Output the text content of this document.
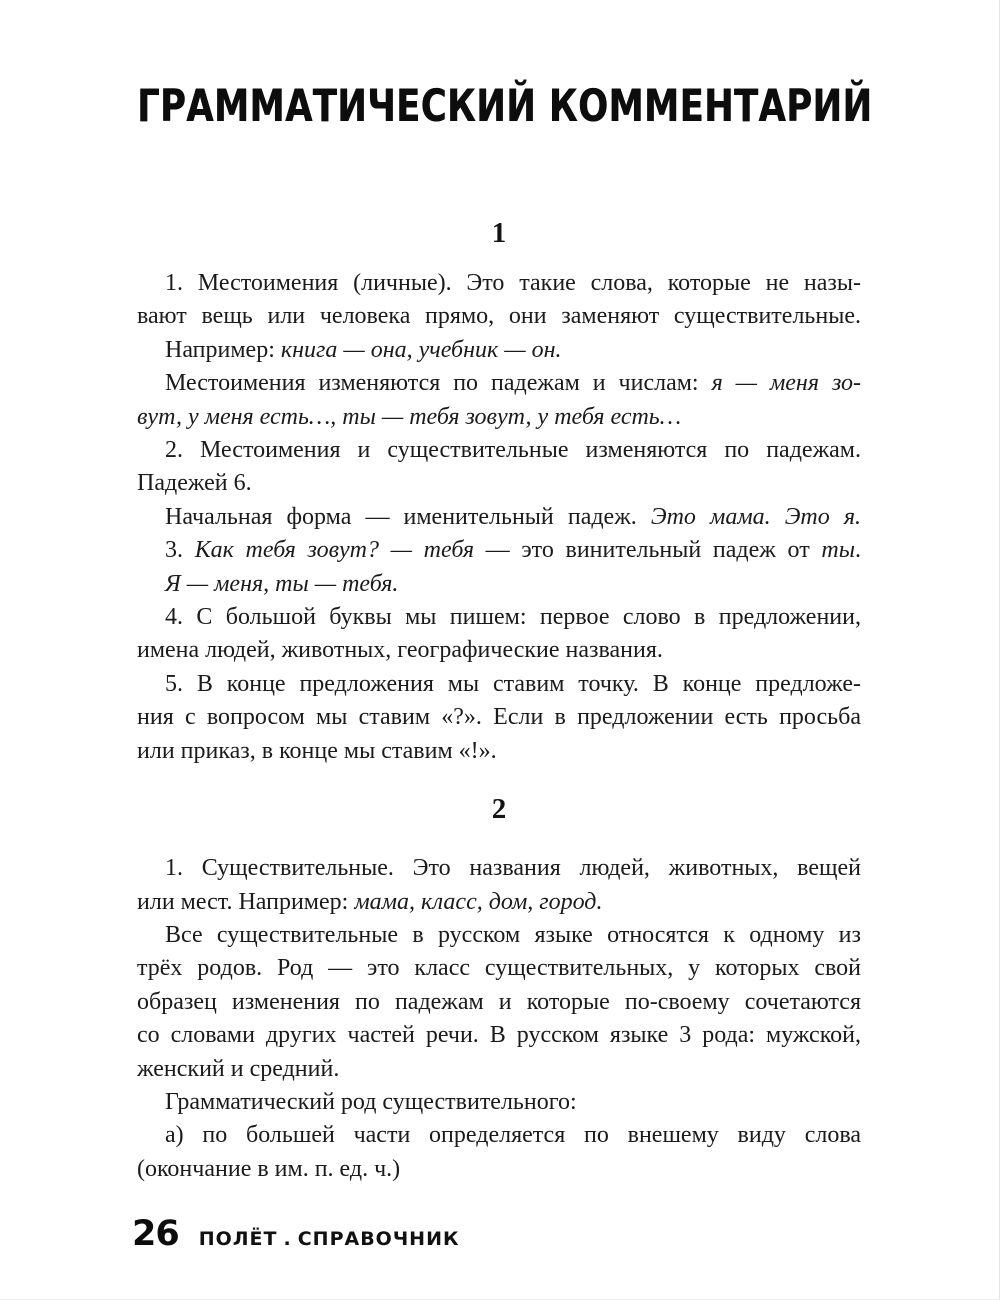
ГРАММАТИЧЕСКИЙ КОММЕНТАРИЙ
1
1. Местоимения (личные). Это такие слова, которые не назы-
вают вещь или человека прямо, они заменяют существительные.
Например: книга — она, учебник — он.
Местоимения изменяются по падежам и числам: я — меня зо-
вут, у меня есть…, ты — тебя зовут, у тебя есть…
2. Местоимения и существительные изменяются по падежам.
Падежей 6.
Начальная форма — именительный падеж. Это мама. Это я.
3. Как тебя зовут? — тебя — это винительный падеж от ты.
Я — меня, ты — тебя.
4. С большой буквы мы пишем: первое слово в предложении,
имена людей, животных, географические названия.
5. В конце предложения мы ставим точку. В конце предложе-
ния с вопросом мы ставим «?». Если в предложении есть просьба
или приказ, в конце мы ставим «!».
2
1. Существительные. Это названия людей, животных, вещей
или мест. Например: мама, класс, дом, город.
Все существительные в русском языке относятся к одному из
трёх родов. Род — это класс существительных, у которых свой
образец изменения по падежам и которые по-своему сочетаются
со словами других частей речи. В русском языке 3 рода: мужской,
женский и средний.
Грамматический род существительного:
а) по большей части определяется по внешему виду слова
(окончание в им. п. ед. ч.)
26 ПОЛЁТ . СПРАВОЧНИК
